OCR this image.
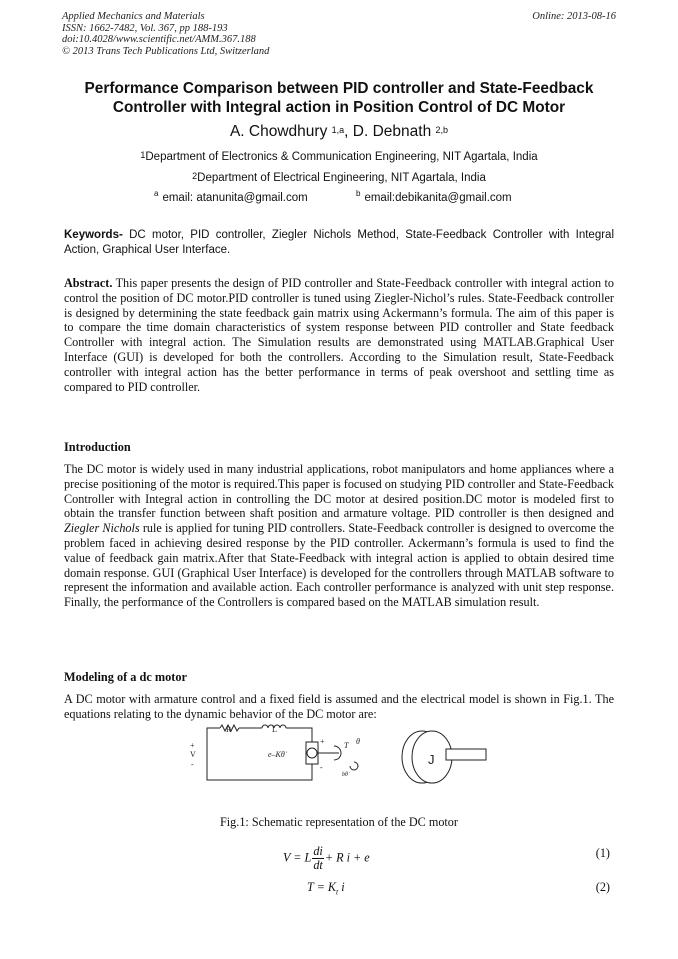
Applied Mechanics and Materials
ISSN: 1662-7482, Vol. 367, pp 188-193
doi:10.4028/www.scientific.net/AMM.367.188
© 2013 Trans Tech Publications Ltd, Switzerland
Online: 2013-08-16
Performance Comparison between PID controller and State-Feedback
Controller with Integral action in Position Control of DC Motor
A. Chowdhury $^{1,a}$, D. Debnath $^{2,b}$
$^1$Department of Electronics & Communication Engineering, NIT Agartala, India
$^2$Department of Electrical Engineering, NIT Agartala, India
$^a$ email: atanunita@gmail.com	$^b$ email:debikanita@gmail.com
Keywords- DC motor, PID controller, Ziegler Nichols Method, State-Feedback Controller with Integral Action, Graphical User Interface.
Abstract. This paper presents the design of PID controller and State-Feedback controller with integral action to control the position of DC motor.PID controller is tuned using Ziegler-Nichol’s rules. State-Feedback controller is designed by determining the state feedback gain matrix using Ackermann’s formula. The aim of this paper is to compare the time domain characteristics of system response between PID controller and State feedback Controller with integral action. The Simulation results are demonstrated using MATLAB.Graphical User Interface (GUI) is developed for both the controllers. According to the Simulation result, State-Feedback controller with integral action has the better performance in terms of peak overshoot and settling time as compared to PID controller.
Introduction
The DC motor is widely used in many industrial applications, robot manipulators and home appliances where a precise positioning of the motor is required.This paper is focused on studying PID controller and State-Feedback Controller with Integral action in controlling the DC motor at desired position.DC motor is modeled first to obtain the transfer function between shaft position and armature voltage. PID controller is then designed and Ziegler Nichols rule is applied for tuning PID controllers. State-Feedback controller is designed to overcome the problem faced in achieving desired response by the PID controller. Ackermann’s formula is used to find the value of feedback gain matrix.After that State-Feedback with integral action is applied to obtain desired time domain response. GUI (Graphical User Interface) is developed for the controllers through MATLAB software to represent the information and available action. Each controller performance is analyzed with unit step response. Finally, the performance of the Controllers is compared based on the MATLAB simulation result.
Modeling of a dc motor
A DC motor with armature control and a fixed field is assumed and the electrical model is shown in Fig.1. The equations relating to the dynamic behavior of the DC motor are:
R	L
+
V
-
e–Kθ̇
+
-
T θ
bθ̇
J
Fig.1: Schematic representation of the DC motor
V = L $\frac{di}{dt} + R$ i + e	(1)
$T = K_t$ i	(2)
